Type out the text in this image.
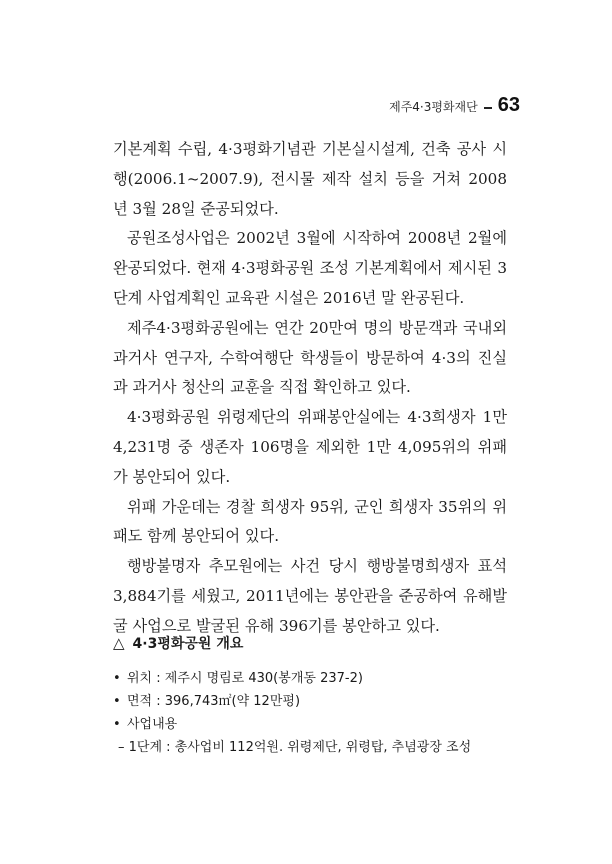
제주4·3평화재단 63

기본계획 수립, 4·3평화기념관 기본실시설계, 건축 공사 시행(2006.1~2007.9), 전시물 제작 설치 등을 거쳐 2008년 3월 28일 준공되었다.

공원조성사업은 2002년 3월에 시작하여 2008년 2월에 완공되었다. 현재 4·3평화공원 조성 기본계획에서 제시된 3단계 사업계획인 교육관 시설은 2016년 말 완공된다.

제주4·3평화공원에는 연간 20만여 명의 방문객과 국내외 과거사 연구자, 수학여행단 학생들이 방문하여 4·3의 진실과 과거사 청산의 교훈을 직접 확인하고 있다.

4·3평화공원 위령제단의 위패봉안실에는 4·3희생자 1만 4,231명 중 생존자 106명을 제외한 1만 4,095위의 위패가 봉안되어 있다.

위패 가운데는 경찰 희생자 95위, 군인 희생자 35위의 위패도 함께 봉안되어 있다.

행방불명자 추모원에는 사건 당시 행방불명희생자 표석 3,884기를 세웠고, 2011년에는 봉안관을 준공하여 유해발굴 사업으로 발굴된 유해 396기를 봉안하고 있다.

△ 4·3평화공원 개요
• 위치 : 제주시 명림로 430(봉개동 237-2)
• 면적 : 396,743㎡(약 12만평)
• 사업내용
– 1단계 : 총사업비 112억원. 위령제단, 위령탑, 추념광장 조성
